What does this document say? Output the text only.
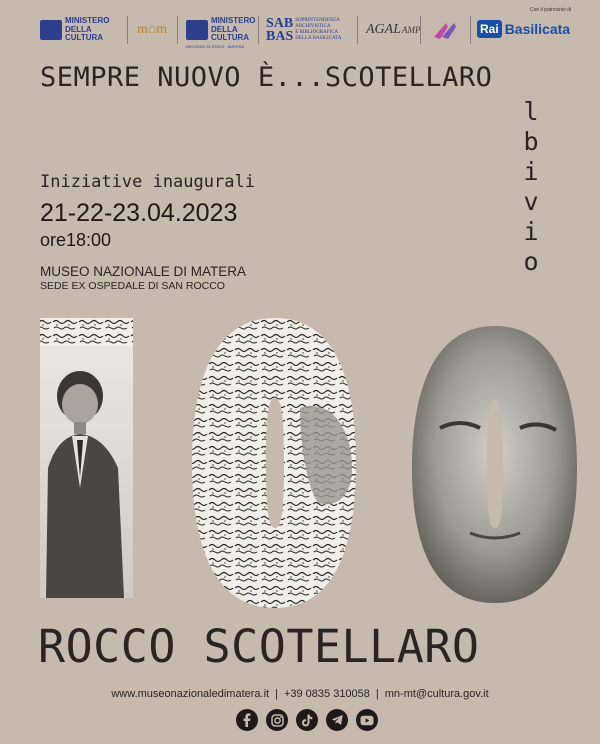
MINISTERO
DELLA
CULTURA
m⌂m
MINISTERO
DELLA
CULTURA
ARCHIVIO DI STATO · MATERA
SAB
BAS
SOPRINTENDENZA
ARCHIVISTICA
E BIBLIOGRAFICA
DELLA BASILICATA
AGAL AMP
Con il patrocinio di
Rai Basilicata
SEMPRE NUOVO È...SCOTELLARO
l
b
i
v
i
o
Iniziative inaugurali
21-22-23.04.2023
ore18:00
MUSEO NAZIONALE DI MATERA
SEDE EX OSPEDALE DI SAN ROCCO
ROCCO SCOTELLARO
www.museonazionaledimatera.it | +39 0835 310058 | mn-mt@cultura.gov.it
